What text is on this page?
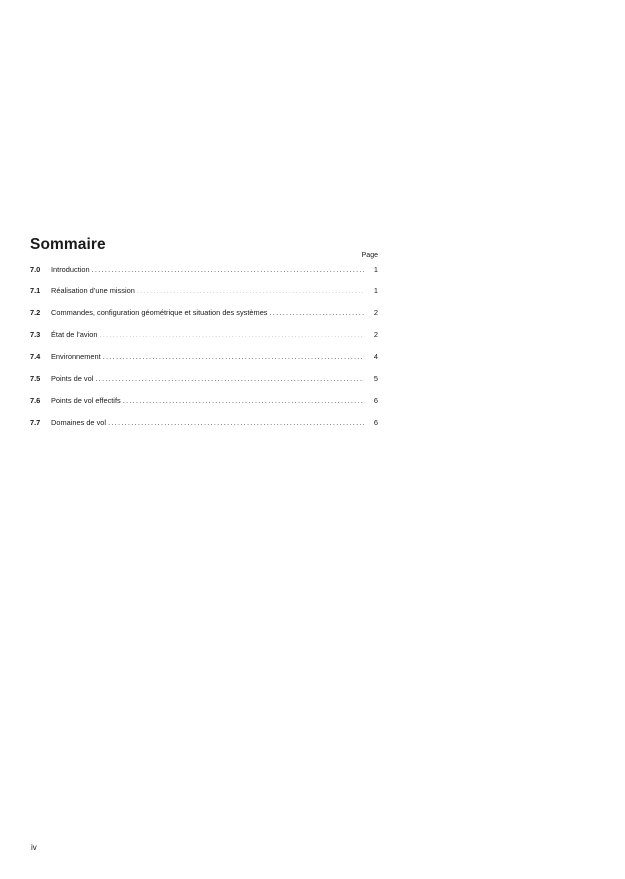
Sommaire
Page
7.0	Introduction . . .	1
7.1	Réalisation d’une mission . . .	1
7.2	Commandes, configuration géométrique et situation des systèmes . . .	2
7.3	État de l’avion . . .	2
7.4	Environnement . . .	4
7.5	Points de vol . . .	5
7.6	Points de vol effectifs . . .	6
7.7	Domaines de vol . . .	6
iv
